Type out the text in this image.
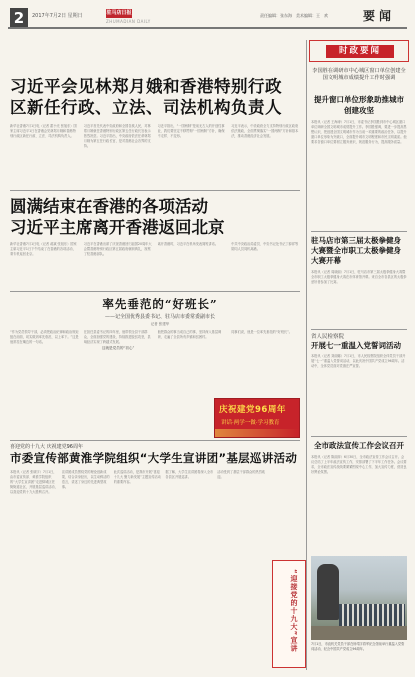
2	2017年7月2日 星期日	驻马店日报
ZHUMADIAN DAILY
责任编辑：张东海　美术编辑：王　欢	要闻
习近平会见林郑月娥和香港特别行政
区新任行政、立法、司法机构负责人
新华社香港7月1日电（记者 霍小光 张旭东）国家主席习近平1日在香港会见林郑月娥和香港特别行政区新任行政、立法、司法机构负责人。
习近平首先代表中央政府和全国各族人民，对林郑月娥就任香港特别行政区第五任行政长官表示热烈祝贺。习近平指出，中央政府依法任命林郑月娥为第五任行政长官，是对香港社会各界的支持。
习近平指出，“一国两制”是前无古人的开创性事业，我们要坚定不移贯彻“一国两制”方针，确保不走样、不变形。
习近平表示，中央政府全力支持特别行政区政府依法施政，全面贯彻落实“一国两制”方针和基本法，推动香港经济社会发展。
圆满结束在香港的各项活动
习近平主席离开香港返回北京
新华社香港7月1日电（记者 郝斌 张旭东）国家主席习近平1日下午结束了在香港的各项活动，乘专机返回北京。
习近平在香港出席了庆祝香港回归祖国20周年大会暨香港特别行政区第五届政府就职典礼，视察了驻香港部队。
离开香港时，习近平在机场发表简短讲话。	中共中央政治局委员、中央书记处书记丁薛祥等陪同人员同机离港。
率先垂范的“好班长”
——记全国优秀县委书记、驻马店市委常委副市长
记者 张建华
“作为党员领导干部，必须把政治纪律和政治规矩挺在前面，切实做到率先垂范、以上率下。”这是他常挂在嘴边的一句话。
在担任县委书记的四年里，他带领全县干部群众，全面加强党的建设，持续推进脱贫攻坚，县域经济实现了跨越式发展。
这就是党员的“初心”
他把群众的事当成自己的事，坚持深入基层调研，走遍了全县所有乡镇和贫困村。
同事们说，他是一位率先垂范的“好班长”。
庆祝建党96周年
讲话·两学一做·学习教育
喜迎党的十九大 庆祝建党96周年
市委宣传部黄淮学院组织“大学生宣讲团”基层巡讲活动
本报讯（记者 张晓宇）7月1日，由市委宣传部、黄淮学院组织的“大学生宣讲团”走进驿城区老街街道社区，开展基层巡讲活动，以喜迎党的十九大胜利召开。
宣讲团成员围绕党的理论创新成果，结合亲身经历，以生动鲜活的语言，讲述了身边的先进典型故事。
此次巡讲活动，是我市开展“喜迎十九大 聚力新发展”主题宣传活动的重要内容。
据了解，大学生宣讲团将深入全市各县区开展巡讲。
活动受到了基层干部群众的热烈欢迎。
“迎接党的十九大”宣讲
时政要闻
李国胜在调研市中心城区窗口单位创建全国文明城市成绩提升工作时强调
提升窗口单位形象助推城市创建攻坚
本报讯（记者 王海涛）7月1日，市委书记李国胜到市中心城区窗口单位调研全国文明城市成绩提升工作。李国胜强调，要进一步提高思想认识，把创建全国文明城市作为当前一项重要的政治任务，以提升窗口单位形象为突破口，全面提升城市文明程度和市民文明素质。他要求各窗口单位要树立服务意识，规范服务行为，提高服务质量。
驻马店市第三届太极拳健身大赛暨全市职工太极拳健身大赛开幕
本报讯（记者 周晓丽）7月1日，驻马店市第三届太极拳健身大赛暨全市职工太极拳健身大赛在市体育馆开幕。来自全市各县区的太极拳爱好者参加了比赛。
省人民检察院
开展七一重温入党誓词活动
本报讯（记者 刘丽娜）7月1日，市人民检察院组织全体党员干部开展“七一”重温入党誓词活动，以此庆祝中国共产党成立96周年。活动中，全体党员面对党旗庄严宣誓。
全市政法宣传工作会议召开
本报讯（记者 陈丽萍）6月30日，全市政法宣传工作会议召开。会议总结了上半年政法宣传工作，安排部署了下半年工作任务。会议要求，全市政法宣传战线要紧紧围绕中心工作，加大宣传力度，营造良好舆论氛围。
7月1日，市直机关党员干部在杨靖宇将军纪念馆前举行重温入党誓词活动，纪念中国共产党成立96周年。
